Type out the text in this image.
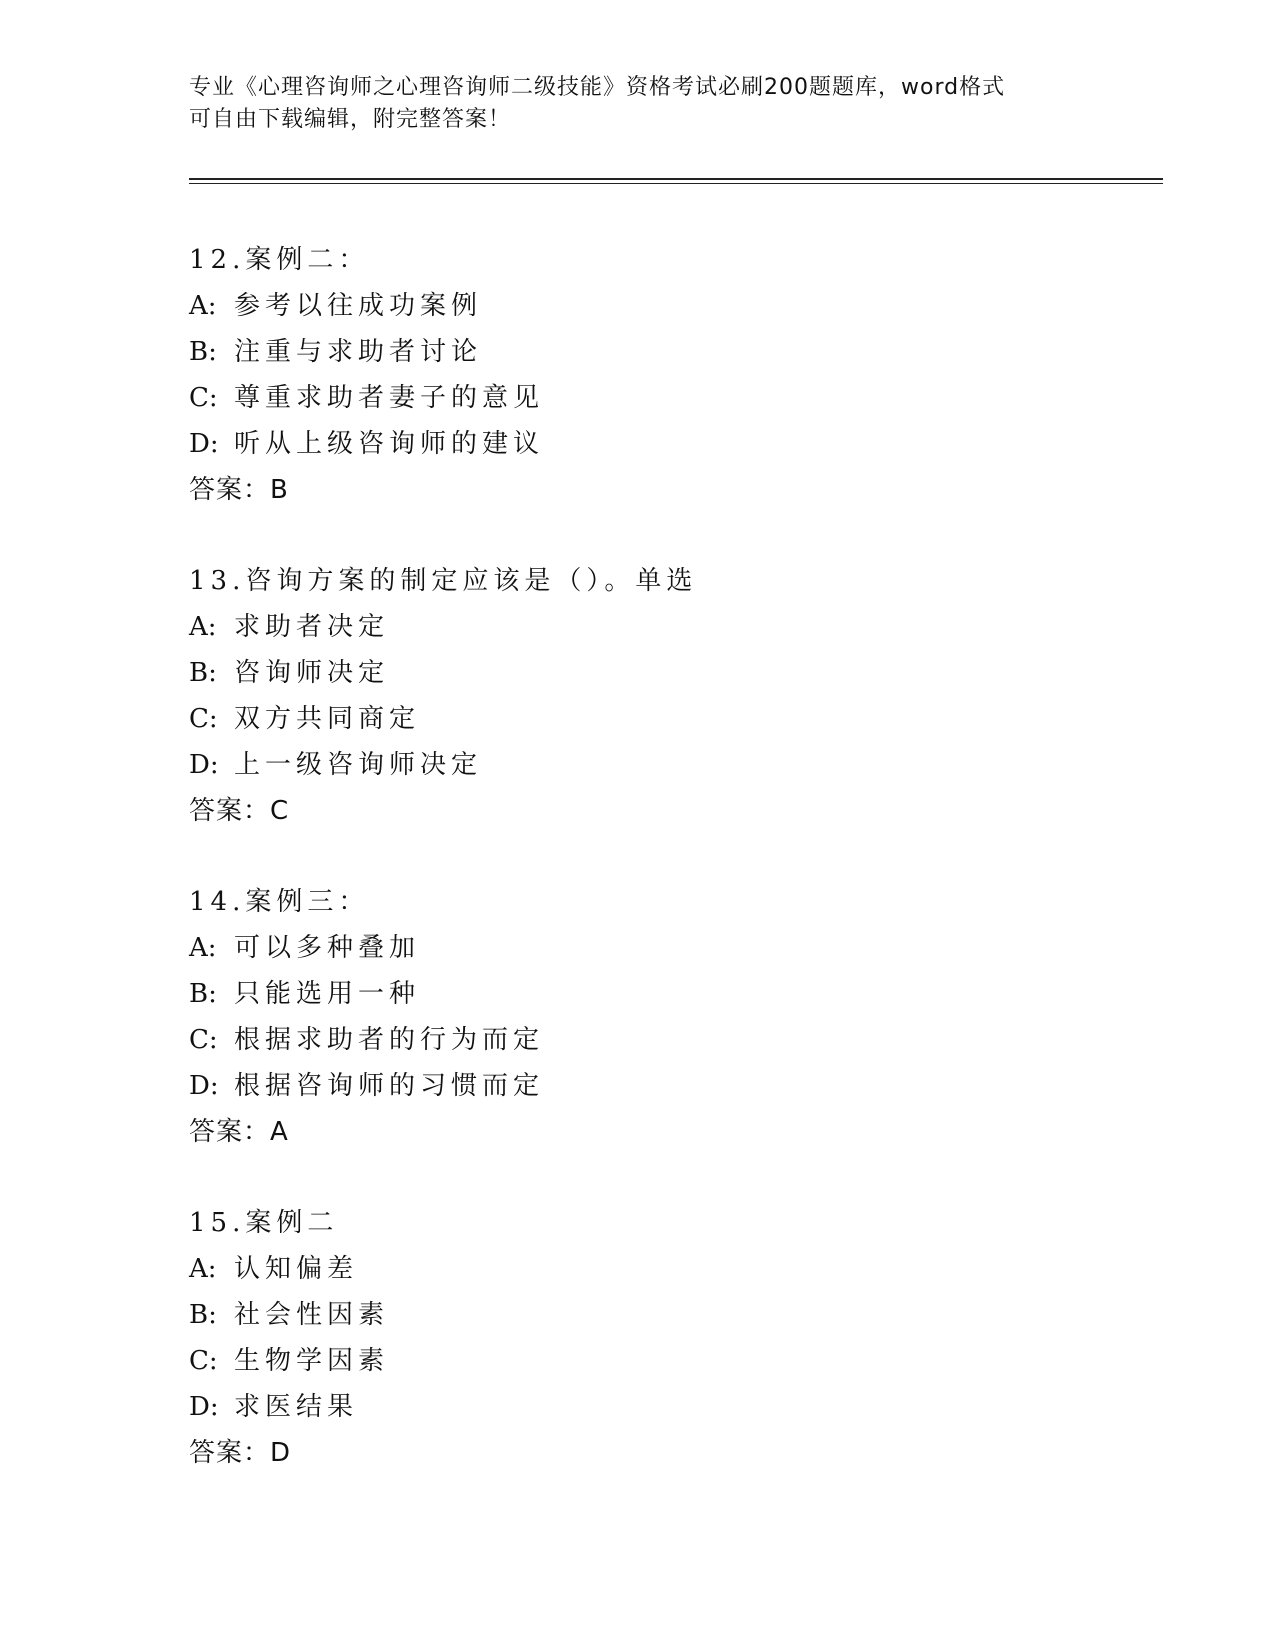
专业《心理咨询师之心理咨询师二级技能》资格考试必刷200题题库，word格式
可自由下载编辑，附完整答案！
12.案例二：
A: 参考以往成功案例
B: 注重与求助者讨论
C: 尊重求助者妻子的意见
D: 听从上级咨询师的建议
答案：B
13.咨询方案的制定应该是（）。单选
A: 求助者决定
B: 咨询师决定
C: 双方共同商定
D: 上一级咨询师决定
答案：C
14.案例三：
A: 可以多种叠加
B: 只能选用一种
C: 根据求助者的行为而定
D: 根据咨询师的习惯而定
答案：A
15.案例二
A: 认知偏差
B: 社会性因素
C: 生物学因素
D: 求医结果
答案：D
